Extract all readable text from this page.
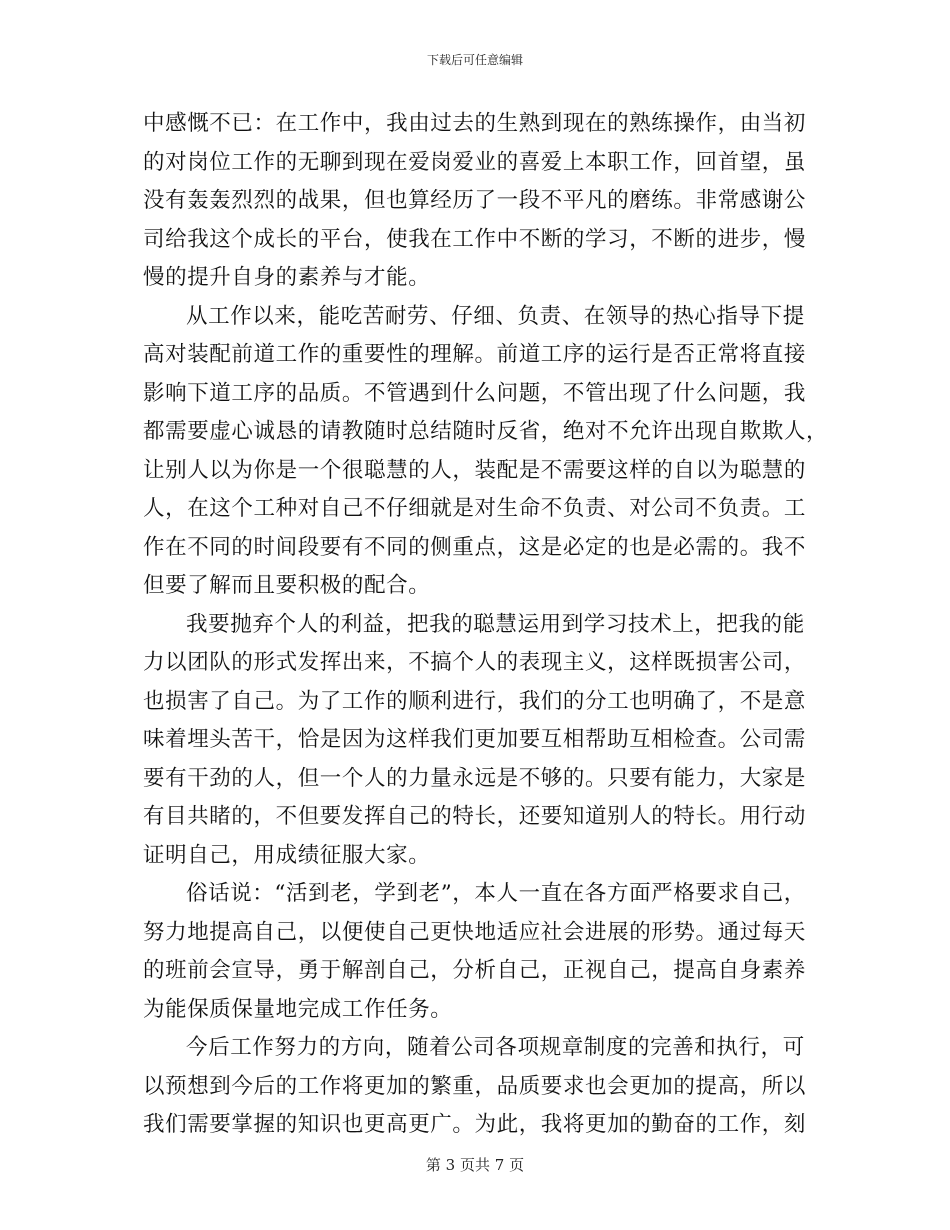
下载后可任意编辑
中感慨不已：在工作中，我由过去的生熟到现在的熟练操作，由当初
的对岗位工作的无聊到现在爱岗爱业的喜爱上本职工作，回首望，虽
没有轰轰烈烈的战果，但也算经历了一段不平凡的磨练。非常感谢公
司给我这个成长的平台，使我在工作中不断的学习，不断的进步，慢
慢的提升自身的素养与才能。
从工作以来，能吃苦耐劳、仔细、负责、在领导的热心指导下提
高对装配前道工作的重要性的理解。前道工序的运行是否正常将直接
影响下道工序的品质。不管遇到什么问题，不管出现了什么问题，我
都需要虚心诚恳的请教随时总结随时反省，绝对不允许出现自欺欺人，
让别人以为你是一个很聪慧的人，装配是不需要这样的自以为聪慧的
人，在这个工种对自己不仔细就是对生命不负责、对公司不负责。工
作在不同的时间段要有不同的侧重点，这是必定的也是必需的。我不
但要了解而且要积极的配合。
我要抛弃个人的利益，把我的聪慧运用到学习技术上，把我的能
力以团队的形式发挥出来，不搞个人的表现主义，这样既损害公司，
也损害了自己。为了工作的顺利进行，我们的分工也明确了，不是意
味着埋头苦干，恰是因为这样我们更加要互相帮助互相检查。公司需
要有干劲的人，但一个人的力量永远是不够的。只要有能力，大家是
有目共睹的，不但要发挥自己的特长，还要知道别人的特长。用行动
证明自己，用成绩征服大家。
俗话说：“活到老，学到老”，本人一直在各方面严格要求自己，
努力地提高自己，以便使自己更快地适应社会进展的形势。通过每天
的班前会宣导，勇于解剖自己，分析自己，正视自己，提高自身素养
为能保质保量地完成工作任务。
今后工作努力的方向，随着公司各项规章制度的完善和执行，可
以预想到今后的工作将更加的繁重，品质要求也会更加的提高，所以
我们需要掌握的知识也更高更广。为此，我将更加的勤奋的工作，刻
第 3 页共 7 页
